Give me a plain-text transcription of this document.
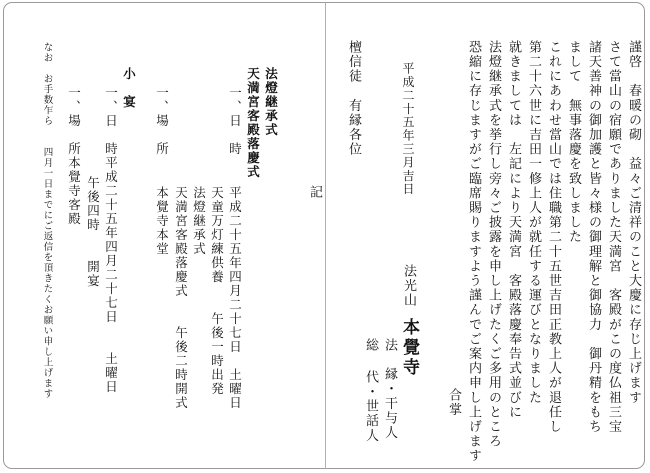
謹啓　春暖の砌　益々ご清祥のこと大慶に存じ上げます
さて當山の宿願でありました天満宮　客殿がこの度仏祖三宝
諸天善神の御加護と皆々様の御理解と御協力　御丹精をもち
まして　無事落慶を致しました
これにあわせ當山では住職第二十五世吉田正教上人が退任し
第二十六世に吉田一修上人が就任する運びとなりました
就きましては　左記により天満宮　客殿落慶奉告式並びに
法燈継承式を挙行し旁々ご披露を申し上げたくご多用のところ
恐縮に存じますがご臨席賜りますよう謹んでご案内申し上げます
合掌
平成二十五年三月吉日
法光山
本覺寺
法　縁・干与人
総
代・世話人
檀信徒　有縁各位
記
法燈継承式
天満宮客殿落慶式
一、日　時
平成二十五年四月二十七日　土曜日
天童万灯練供養　　午後一時出発
法燈継承式
天満宮客殿落慶式　　午後二時開式
一、場　所
本覺寺本堂
小　宴
一、日　時
平成二十五年四月二十七日　　土曜日
午後四時　　開宴
一、場　所
本覺寺客殿
なお　お手数乍ら　　四月一日までにご返信を頂きたくお願い申し上げます
